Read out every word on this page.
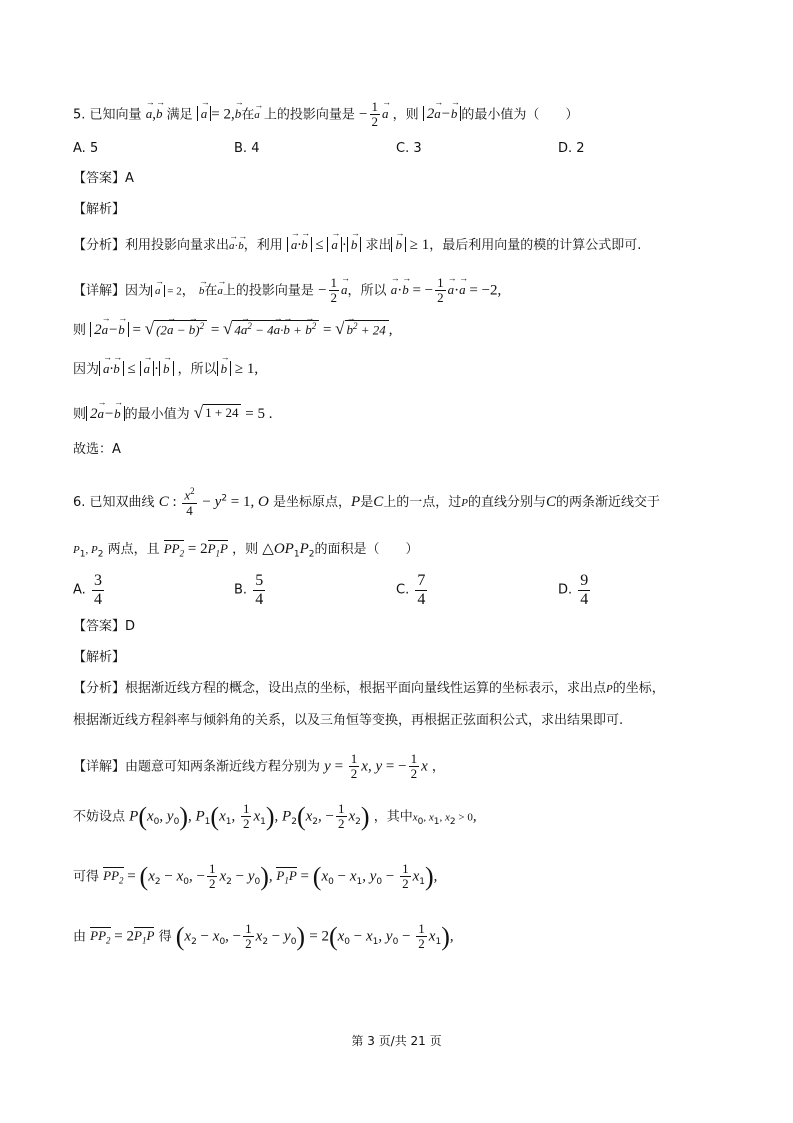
5. 已知向量 → a,→ b 满足 → a = 2,→ b在→ a 上的投影向量是 − $\frac{1}{2}$
→ a ，则 2→ a−→ b 的最小值为（　　）
A. 5	B. 4	C. 3	D. 2
【答案】A
【解析】
【分析】利用投影向量求出→ a·→ b，利用 → a·→ b ≤ → a ·→ b 求出→ b ≥ 1，最后利用向量的模的计算公式即可.
【详解】因为→ a = 2， → b在→ a上的投影向量是 − $\frac{1}{2}$
→ a，所以 → a·→ b = − $\frac{1}{2}$
→ a·→ a = −2,
则 2→ a−→ b = √ (2→ a − → b)$^2$ = √ $4\to a^2 - 4\to a\cdot\to b$ + → $b^2$ = √
→ $b^2 + 24$ ,
因为→ a·→ b ≤ → a ·→ b ，所以→ b ≥ 1,
则 2→ a−→ b 的最小值为 √ 1 + 24 = 5 .
故选：A
6. 已知双曲线 C : $\frac{x^2}{4} - y^2 = 1$, O 是坐标原点，P是C上的一点，过P的直线分别与C的两条渐近线交于
$P_1$, $P_2$ 两点，且 $PP_2 = 2P_1P$ ，则 $\triangle OP_1P_2$的面积是（　　）
A. $\frac{3}{4}$	B. $\frac{5}{4}$	C. $\frac{7}{4}$	D. $\frac{9}{4}$
【答案】D
【解析】
【分析】根据渐近线方程的概念，设出点的坐标，根据平面向量线性运算的坐标表示，求出点P的坐标，
根据渐近线方程斜率与倾斜角的关系，以及三角恒等变换，再根据正弦面积公式，求出结果即可.
【详解】由题意可知两条渐近线方程分别为 $y = \frac{1}{2} x$, y = − $\frac{1}{2}$ x ，
不妨设点 $P(x_0$, $y_0$), $P_1(x_1$, $\frac{1}{2} x_1$), $P_2(x_2$, − $\frac{1}{2} x_2$) ，其中$x_0$, $x_1$, $x_2 > 0$,
可得 $PP_2 = (x_2 - x_0$, − $\frac{1}{2} x_2 - y_0$), $P_1P = (x_0 - x_1$, $y_0 - \frac{1}{2} x_1$),
由 $PP_2 = 2P_1P$ 得 ($x_2 - x_0$, − $\frac{1}{2} x_2 - y_0) = 2(x_0 - x_1$, $y_0 - \frac{1}{2} x_1$),
第 3 页/共 21 页
